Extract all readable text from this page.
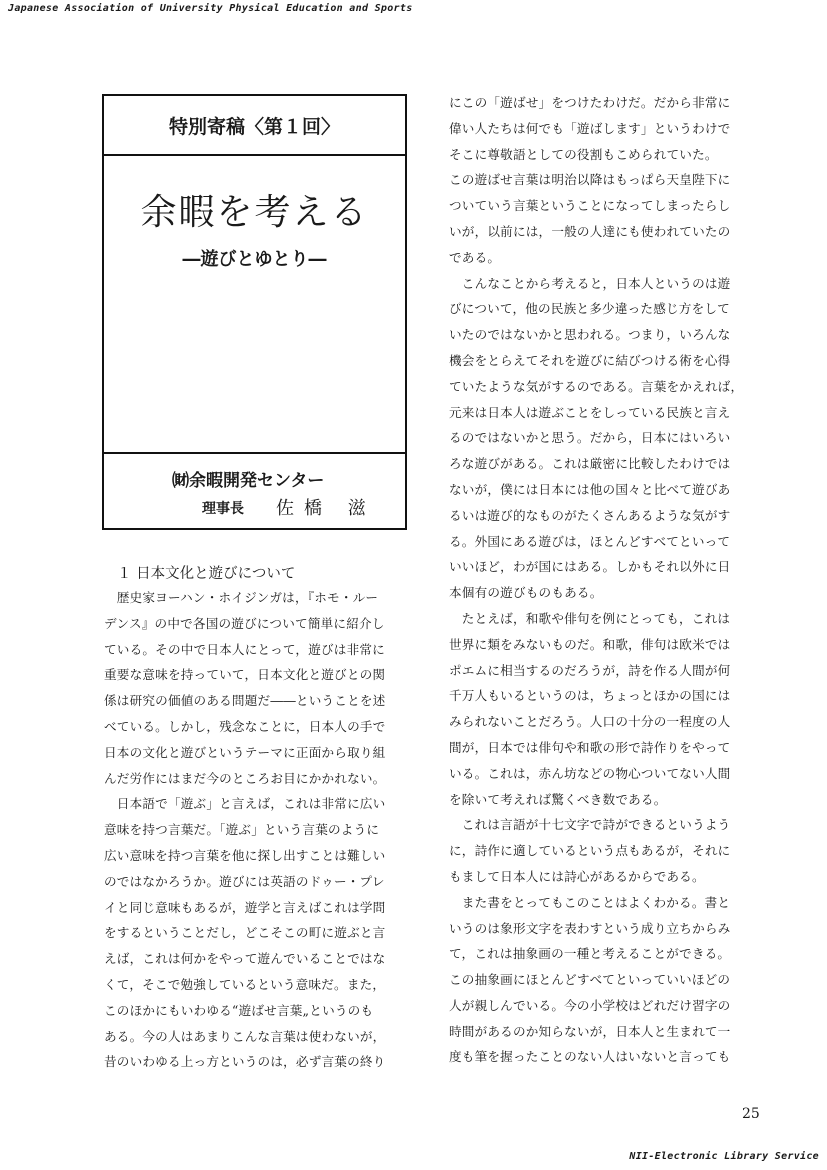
Japanese Association of University Physical Education and Sports
特別寄稿〈第１回〉
余暇を考える
―遊びとゆとり―
㈶余暇開発センター
理事長 佐橋 滋
１ 日本文化と遊びについて
　歴史家ヨーハン・ホイジンガは，『ホモ・ルー
デンス』の中で各国の遊びについて簡単に紹介し
ている。その中で日本人にとって，遊びは非常に
重要な意味を持っていて，日本文化と遊びとの関
係は研究の価値のある問題だ――ということを述
べている。しかし，残念なことに，日本人の手で
日本の文化と遊びというテーマに正面から取り組
んだ労作にはまだ今のところお目にかかれない。
　日本語で「遊ぶ」と言えば，これは非常に広い
意味を持つ言葉だ。「遊ぶ」という言葉のように
広い意味を持つ言葉を他に探し出すことは難しい
のではなかろうか。遊びには英語のドゥー・プレ
イと同じ意味もあるが，遊学と言えばこれは学問
をするということだし，どこそこの町に遊ぶと言
えば，これは何かをやって遊んでいることではな
くて，そこで勉強しているという意味だ。また，
このほかにもいわゆる“遊ばせ言葉„というのも
ある。今の人はあまりこんな言葉は使わないが，
昔のいわゆる上っ方というのは，必ず言葉の終り
にこの「遊ばせ」をつけたわけだ。だから非常に
偉い人たちは何でも「遊ばします」というわけで
そこに尊敬語としての役割もこめられていた。
この遊ばせ言葉は明治以降はもっぱら天皇陛下に
ついていう言葉ということになってしまったらし
いが，以前には，一般の人達にも使われていたの
である。
　こんなことから考えると，日本人というのは遊
びについて，他の民族と多少違った感じ方をして
いたのではないかと思われる。つまり，いろんな
機会をとらえてそれを遊びに結びつける術を心得
ていたような気がするのである。言葉をかえれば，
元来は日本人は遊ぶことをしっている民族と言え
るのではないかと思う。だから，日本にはいろい
ろな遊びがある。これは厳密に比較したわけでは
ないが，僕には日本には他の国々と比べて遊びあ
るいは遊び的なものがたくさんあるような気がす
る。外国にある遊びは，ほとんどすべてといって
いいほど，わが国にはある。しかもそれ以外に日
本個有の遊びものもある。
　たとえば，和歌や俳句を例にとっても，これは
世界に類をみないものだ。和歌，俳句は欧米では
ポエムに相当するのだろうが，詩を作る人間が何
千万人もいるというのは，ちょっとほかの国には
みられないことだろう。人口の十分の一程度の人
間が，日本では俳句や和歌の形で詩作りをやって
いる。これは，赤ん坊などの物心ついてない人間
を除いて考えれば驚くべき数である。
　これは言語が十七文字で詩ができるというよう
に，詩作に適しているという点もあるが，それに
もまして日本人には詩心があるからである。
　また書をとってもこのことはよくわかる。書と
いうのは象形文字を表わすという成り立ちからみ
て，これは抽象画の一種と考えることができる。
この抽象画にほとんどすべてといっていいほどの
人が親しんでいる。今の小学校はどれだけ習字の
時間があるのか知らないが，日本人と生まれて一
度も筆を握ったことのない人はいないと言っても
25
NII-Electronic Library Service
